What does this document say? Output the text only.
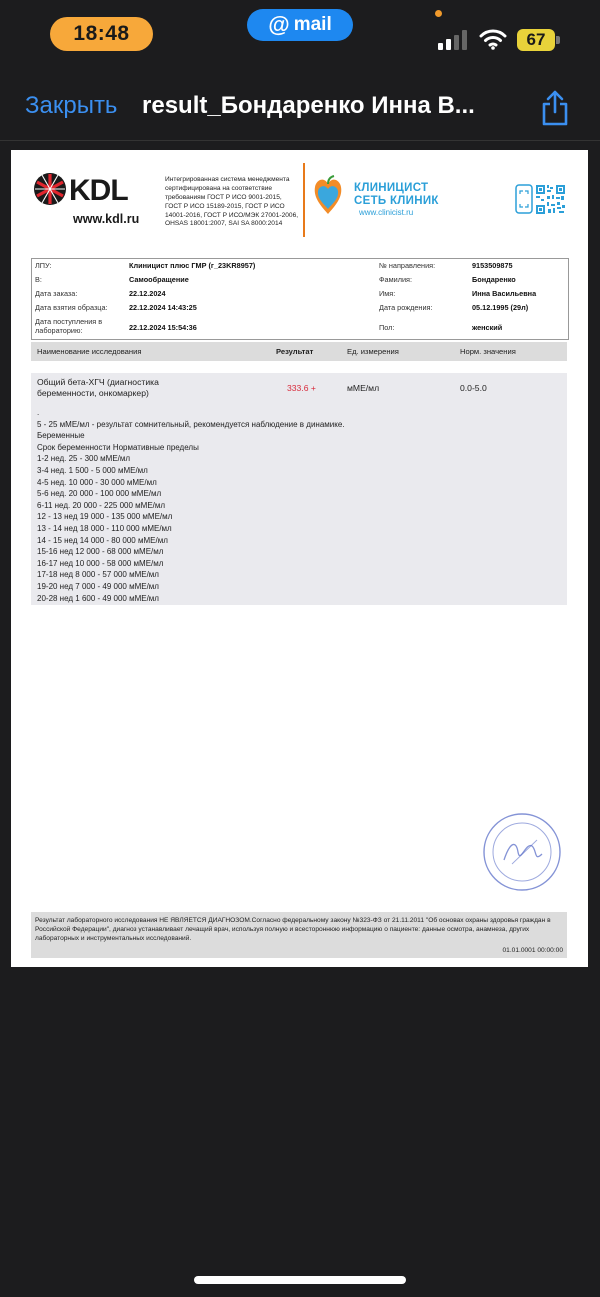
18:48	@ mail
67
Закрыть result_Бондаренко Инна В...
KDL
www.kdl.ru
Интегрированная система менеджмента сертифицирована на соответствие требованиям ГОСТ Р ИСО 9001-2015, ГОСТ Р ИСО 15189-2015, ГОСТ Р ИСО 14001-2016, ГОСТ Р ИСО/МЭК 27001-2006, OHSAS 18001:2007, SAI SA 8000:2014
КЛИНИЦИСТ
СЕТЬ КЛИНИК
www.clinicist.ru
ЛПУ:	Клиницист плюс ГМР (г_23KR8957)	№ направления:	9153509875
В:	Самообращение	Фамилия:	Бондаренко
Дата заказа:	22.12.2024	Имя:	Инна Васильевна
Дата взятия образца:	22.12.2024 14:43:25	Дата рождения:	05.12.1995 (29л)
Дата поступления в лабораторию:	22.12.2024 15:54:36	Пол:	женский
Наименование исследования	Результат	Ед. измерения	Норм. значения
Общий бета-ХГЧ (диагностика беременности, онкомаркер)	333.6 +	мМЕ/мл	0.0-5.0
.
5 - 25 мМЕ/мл - результат сомнительный, рекомендуется наблюдение в динамике.
Беременные
Срок беременности Нормативные пределы
1-2 нед. 25 - 300 мМЕ/мл
3-4 нед. 1 500 - 5 000 мМЕ/мл
4-5 нед. 10 000 - 30 000 мМЕ/мл
5-6 нед. 20 000 - 100 000 мМЕ/мл
6-11 нед. 20 000 - 225 000 мМЕ/мл
12 - 13 нед 19 000 - 135 000 мМЕ/мл
13 - 14 нед 18 000 - 110 000 мМЕ/мл
14 - 15 нед 14 000 - 80 000 мМЕ/мл
15-16 нед 12 000 - 68 000 мМЕ/мл
16-17 нед 10 000 - 58 000 мМЕ/мл
17-18 нед 8 000 - 57 000 мМЕ/мл
19-20 нед 7 000 - 49 000 мМЕ/мл
20-28 нед 1 600 - 49 000 мМЕ/мл
Результат лабораторного исследования НЕ ЯВЛЯЕТСЯ ДИАГНОЗОМ.Согласно федеральному закону №323-ФЗ от 21.11.2011 "Об основах охраны здоровья граждан в Российской Федерации", диагноз устанавливает лечащий врач, используя полную и всестороннюю информацию о пациенте: данные осмотра, анамнеза, других лабораторных и инструментальных исследований.
01.01.0001 00:00:00
